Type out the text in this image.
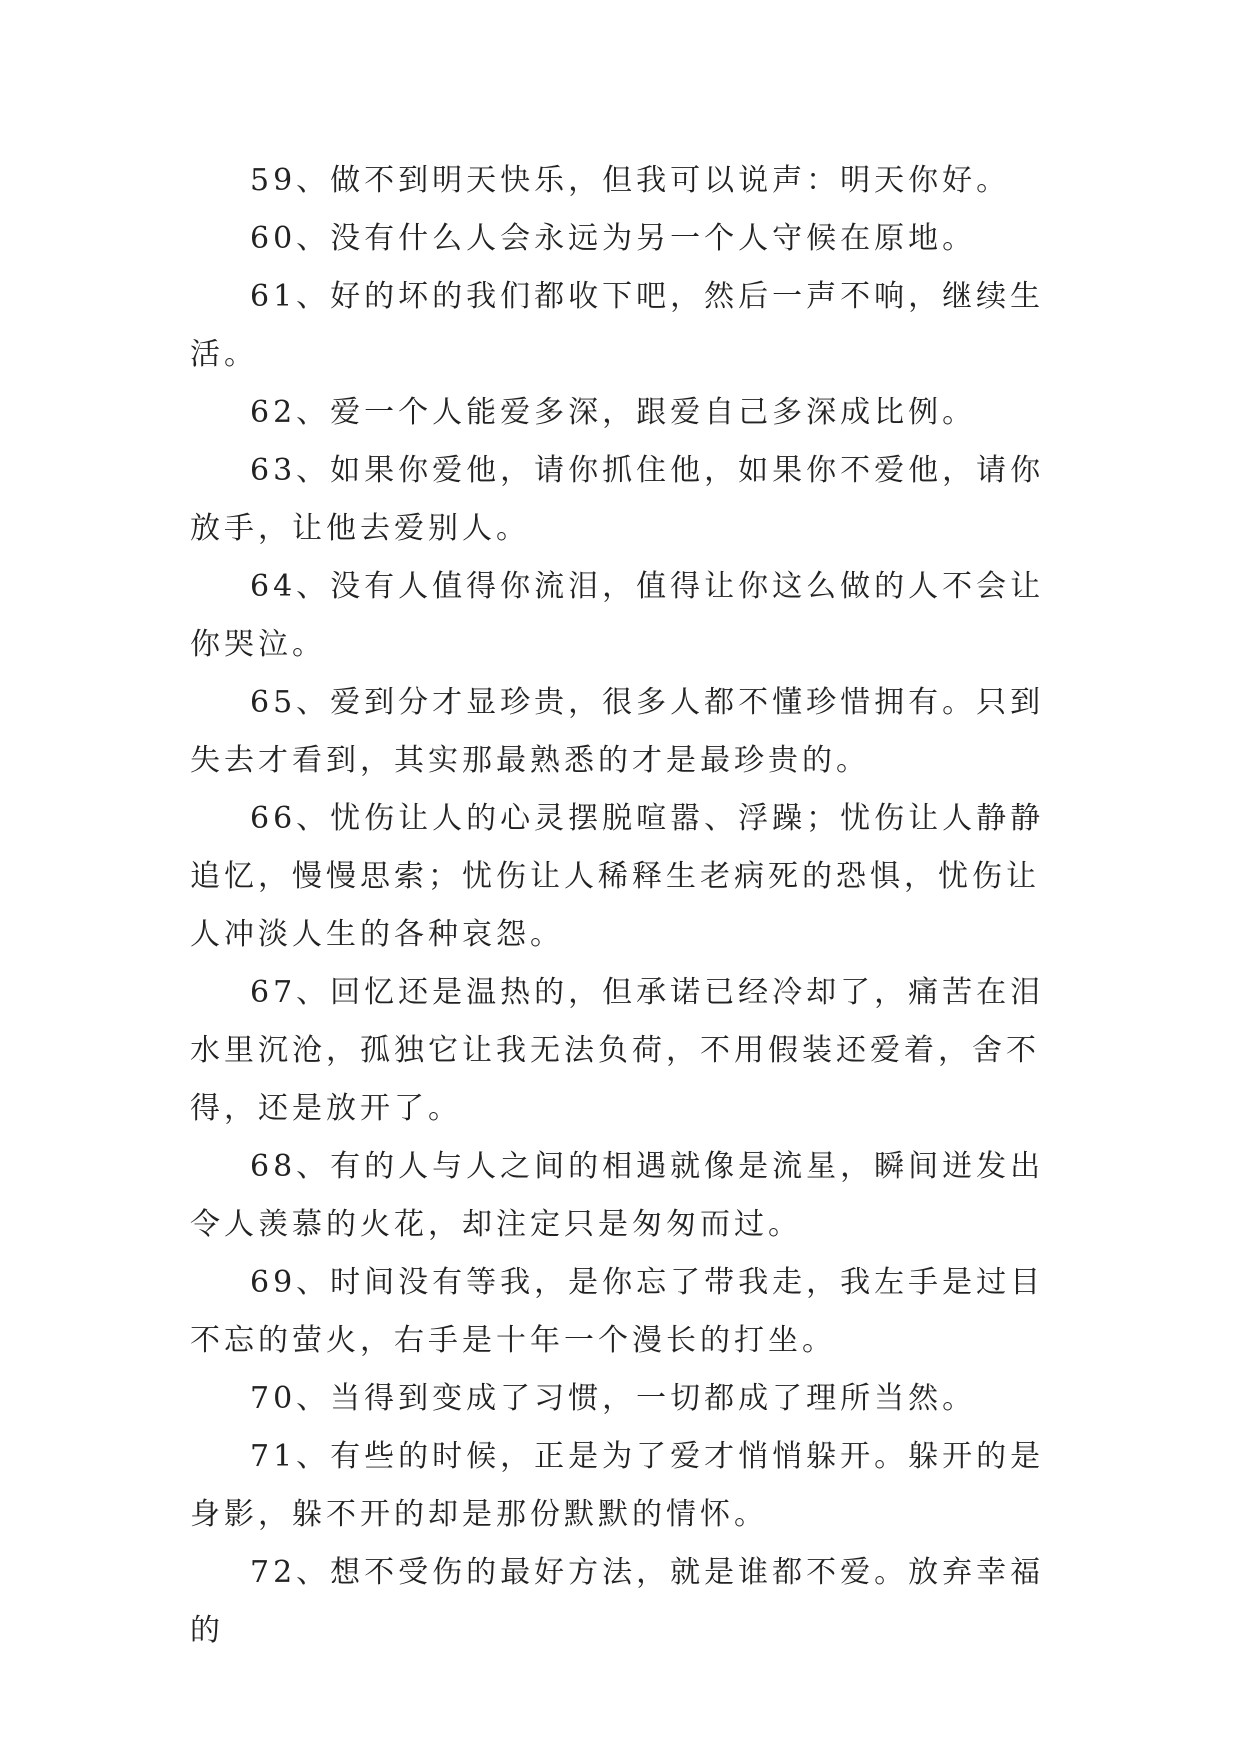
59、做不到明天快乐，但我可以说声：明天你好。

60、没有什么人会永远为另一个人守候在原地。

61、好的坏的我们都收下吧，然后一声不响，继续生活。

62、爱一个人能爱多深，跟爱自己多深成比例。

63、如果你爱他，请你抓住他，如果你不爱他，请你放手，让他去爱别人。

64、没有人值得你流泪，值得让你这么做的人不会让你哭泣。

65、爱到分才显珍贵，很多人都不懂珍惜拥有。只到失去才看到，其实那最熟悉的才是最珍贵的。

66、忧伤让人的心灵摆脱喧嚣、浮躁；忧伤让人静静追忆，慢慢思索；忧伤让人稀释生老病死的恐惧，忧伤让人冲淡人生的各种哀怨。

67、回忆还是温热的，但承诺已经冷却了，痛苦在泪水里沉沧，孤独它让我无法负荷，不用假装还爱着，舍不得，还是放开了。

68、有的人与人之间的相遇就像是流星，瞬间迸发出令人羡慕的火花，却注定只是匆匆而过。

69、时间没有等我，是你忘了带我走，我左手是过目不忘的萤火，右手是十年一个漫长的打坐。

70、当得到变成了习惯，一切都成了理所当然。

71、有些的时候，正是为了爱才悄悄躲开。躲开的是身影，躲不开的却是那份默默的情怀。

72、想不受伤的最好方法，就是谁都不爱。放弃幸福的
